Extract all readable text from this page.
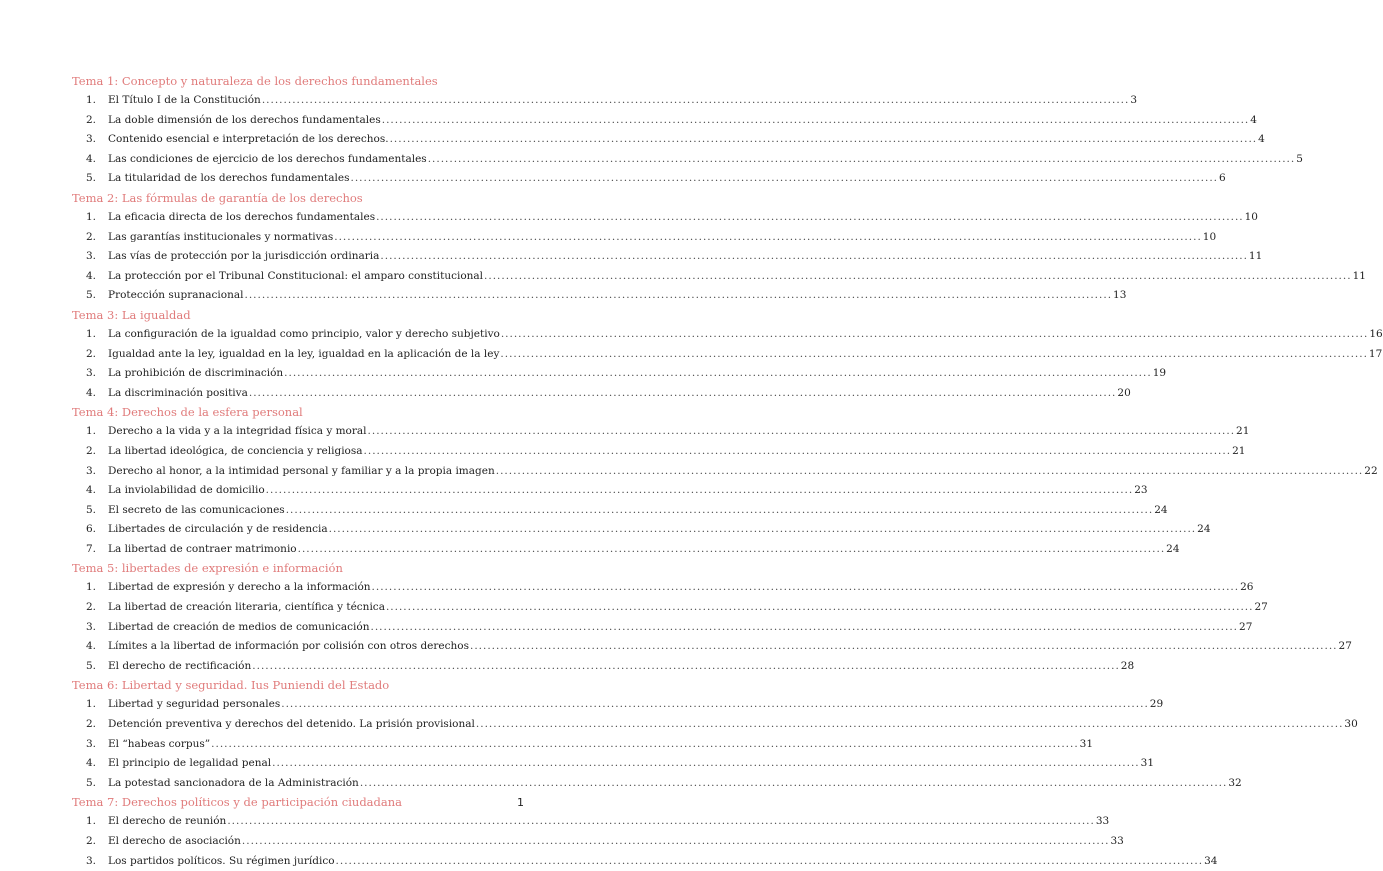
Tema 1: Concepto y naturaleza de los derechos fundamentales
1.	El Título I de la Constitución ........................................................................................................................................................................................................ 3
2.	La doble dimensión de los derechos fundamentales ........................................................................................................................................................................................................ 4
3.	Contenido esencial e interpretación de los derechos. ........................................................................................................................................................................................................ 4
4.	Las condiciones de ejercicio de los derechos fundamentales ........................................................................................................................................................................................................ 5
5.	La titularidad de los derechos fundamentales ........................................................................................................................................................................................................ 6
Tema 2: Las fórmulas de garantía de los derechos
1.	La eficacia directa de los derechos fundamentales ........................................................................................................................................................................................................ 10
2.	Las garantías institucionales y normativas ........................................................................................................................................................................................................ 10
3.	Las vías de protección por la jurisdicción ordinaria ........................................................................................................................................................................................................ 11
4.	La protección por el Tribunal Constitucional: el amparo constitucional ........................................................................................................................................................................................................ 11
5.	Protección supranacional ........................................................................................................................................................................................................ 13
Tema 3: La igualdad
1.	La configuración de la igualdad como principio, valor y derecho subjetivo ........................................................................................................................................................................................................ 16
2.	Igualdad ante la ley, igualdad en la ley, igualdad en la aplicación de la ley ........................................................................................................................................................................................................ 17
3.	La prohibición de discriminación ........................................................................................................................................................................................................ 19
4.	La discriminación positiva ........................................................................................................................................................................................................ 20
Tema 4: Derechos de la esfera personal
1.	Derecho a la vida y a la integridad física y moral ........................................................................................................................................................................................................ 21
2.	La libertad ideológica, de conciencia y religiosa ........................................................................................................................................................................................................ 21
3.	Derecho al honor, a la intimidad personal y familiar y a la propia imagen ........................................................................................................................................................................................................ 22
4.	La inviolabilidad de domicilio ........................................................................................................................................................................................................ 23
5.	El secreto de las comunicaciones ........................................................................................................................................................................................................ 24
6.	Libertades de circulación y de residencia ........................................................................................................................................................................................................ 24
7.	La libertad de contraer matrimonio ........................................................................................................................................................................................................ 24
Tema 5: libertades de expresión e información
1.	Libertad de expresión y derecho a la información ........................................................................................................................................................................................................ 26
2.	La libertad de creación literaria, científica y técnica ........................................................................................................................................................................................................ 27
3.	Libertad de creación de medios de comunicación ........................................................................................................................................................................................................ 27
4.	Límites a la libertad de información por colisión con otros derechos ........................................................................................................................................................................................................ 27
5.	El derecho de rectificación ........................................................................................................................................................................................................ 28
Tema 6: Libertad y seguridad. Ius Puniendi del Estado
1.	Libertad y seguridad personales ........................................................................................................................................................................................................ 29
2.	Detención preventiva y derechos del detenido. La prisión provisional ........................................................................................................................................................................................................ 30
3.	El “habeas corpus” ........................................................................................................................................................................................................ 31
4.	El principio de legalidad penal ........................................................................................................................................................................................................ 31
5.	La potestad sancionadora de la Administración ........................................................................................................................................................................................................ 32
Tema 7: Derechos políticos y de participación ciudadana
1.	El derecho de reunión ........................................................................................................................................................................................................ 33
2.	El derecho de asociación ........................................................................................................................................................................................................ 33
3.	Los partidos políticos. Su régimen jurídico ........................................................................................................................................................................................................ 34
1
